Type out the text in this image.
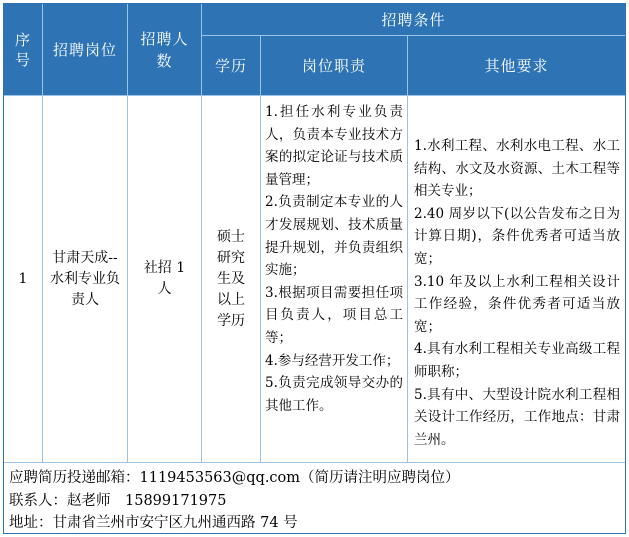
序号
招聘岗位
招聘人数
招聘条件
学历	岗位职责	其他要求
1
甘肃天成--水利专业负责人
社招 1 人
硕士研究生及以上学历
1.担任水利专业负责人，负责本专业技术方案的拟定论证与技术质量管理；
2.负责制定本专业的人才发展规划、技术质量提升规划，并负责组织实施；
3.根据项目需要担任项目负责人，项目总工等；
4.参与经营开发工作；
5.负责完成领导交办的其他工作。
1.水利工程、水利水电工程、水工结构、水文及水资源、土木工程等相关专业；
2.40 周岁以下(以公告发布之日为计算日期)，条件优秀者可适当放宽；
3.10 年及以上水利工程相关设计工作经验，条件优秀者可适当放宽；
4.具有水利工程相关专业高级工程师职称；
5.具有中、大型设计院水利工程相关设计工作经历，工作地点：甘肃兰州。
应聘简历投递邮箱：1119453563@qq.com（简历请注明应聘岗位）
联系人：赵老师　15899171975
地址：甘肃省兰州市安宁区九州通西路 74 号
